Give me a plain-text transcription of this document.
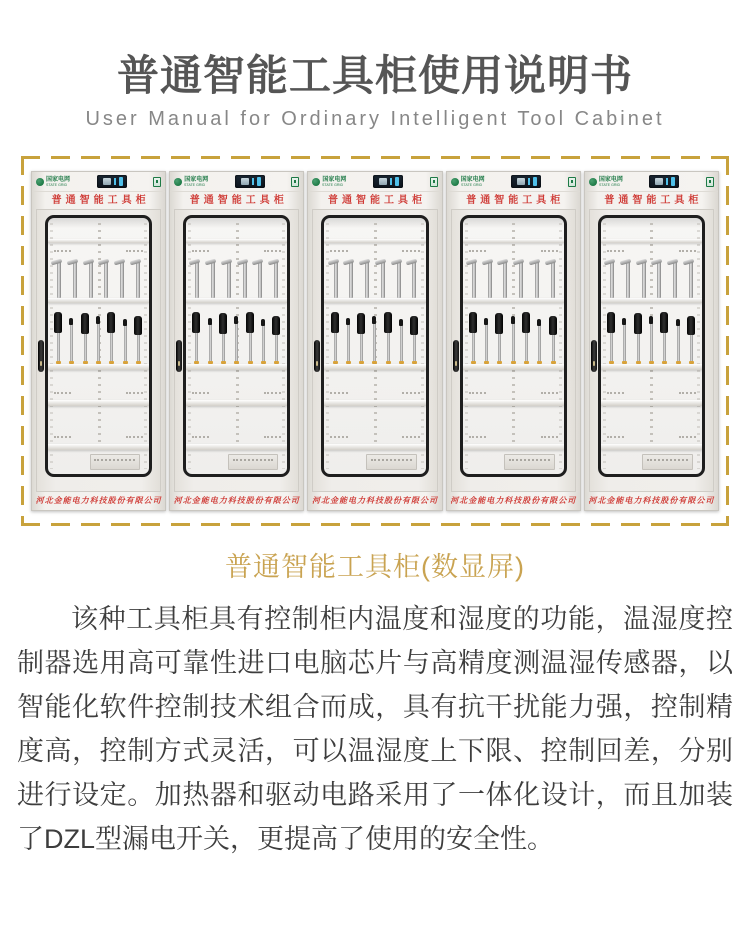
普通智能工具柜使用说明书
User Manual for Ordinary Intelligent Tool Cabinet
国家电网
STATE GRID
普通智能工具柜
河北金能电力科技股份有限公司
国家电网
STATE GRID
普通智能工具柜
河北金能电力科技股份有限公司
国家电网
STATE GRID
普通智能工具柜
河北金能电力科技股份有限公司
国家电网
STATE GRID
普通智能工具柜
河北金能电力科技股份有限公司
国家电网
STATE GRID
普通智能工具柜
河北金能电力科技股份有限公司
普通智能工具柜(数显屏)

该种工具柜具有控制柜内温度和湿度的功能，温湿度控制器选用高可靠性进口电脑芯片与高精度测温湿传感器，以智能化软件控制技术组合而成，具有抗干扰能力强，控制精度高，控制方式灵活，可以温湿度上下限、控制回差，分别进行设定。加热器和驱动电路采用了一体化设计，而且加装了DZL型漏电开关，更提高了使用的安全性。
